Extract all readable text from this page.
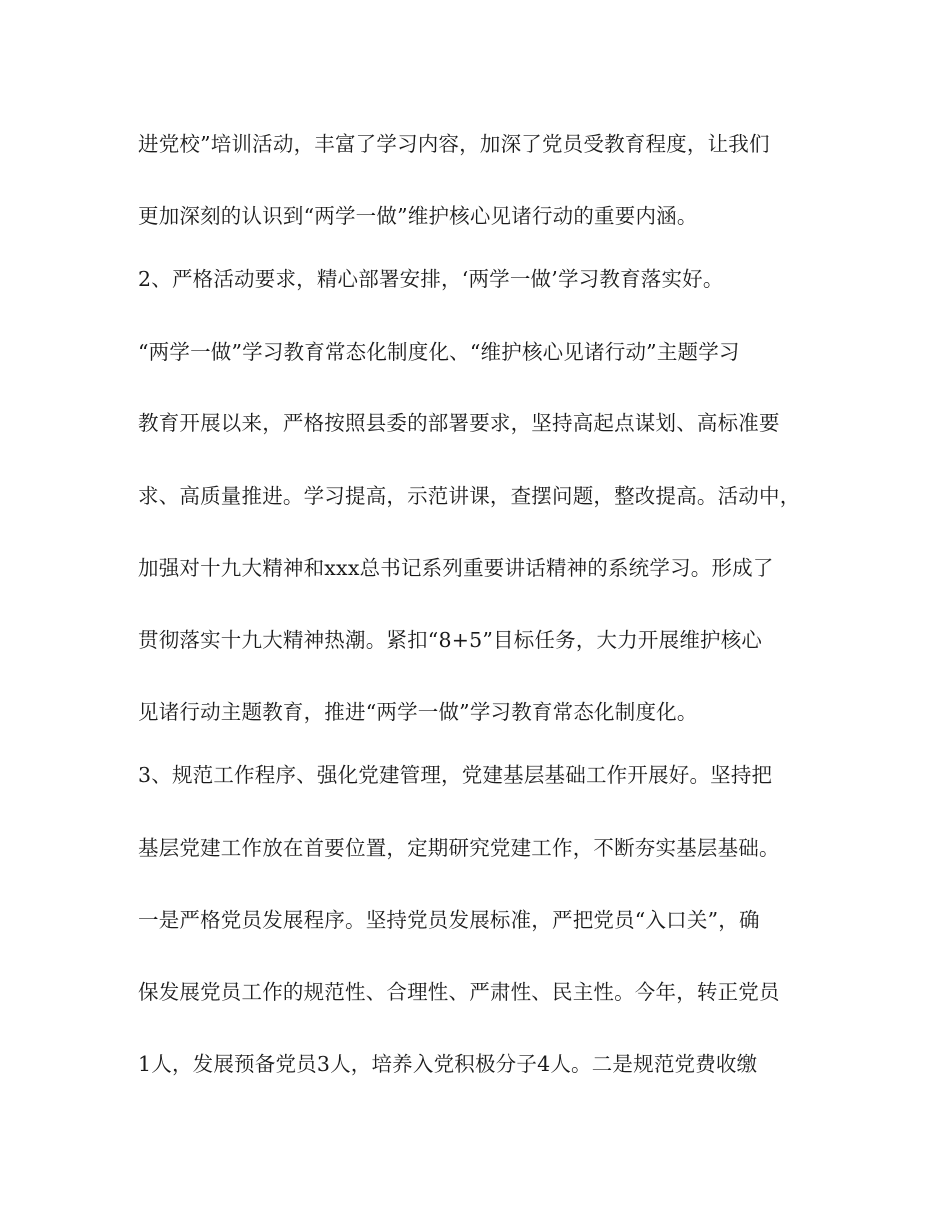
进党校”培训活动，丰富了学习内容，加深了党员受教育程度，让我们
更加深刻的认识到“两学一做”维护核心见诸行动的重要内涵。
2、严格活动要求，精心部署安排，‘两学一做’学习教育落实好。
“两学一做”学习教育常态化制度化、“维护核心见诸行动”主题学习
教育开展以来，严格按照县委的部署要求，坚持高起点谋划、高标准要
求、高质量推进。学习提高，示范讲课，查摆问题，整改提高。活动中，
加强对十九大精神和xxx总书记系列重要讲话精神的系统学习。形成了
贯彻落实十九大精神热潮。紧扣“8+5”目标任务，大力开展维护核心
见诸行动主题教育，推进“两学一做”学习教育常态化制度化。
3、规范工作程序、强化党建管理，党建基层基础工作开展好。坚持把
基层党建工作放在首要位置，定期研究党建工作，不断夯实基层基础。
一是严格党员发展程序。坚持党员发展标准，严把党员“入口关”，确
保发展党员工作的规范性、合理性、严肃性、民主性。今年，转正党员
1人，发展预备党员3人，培养入党积极分子4人。二是规范党费收缴
